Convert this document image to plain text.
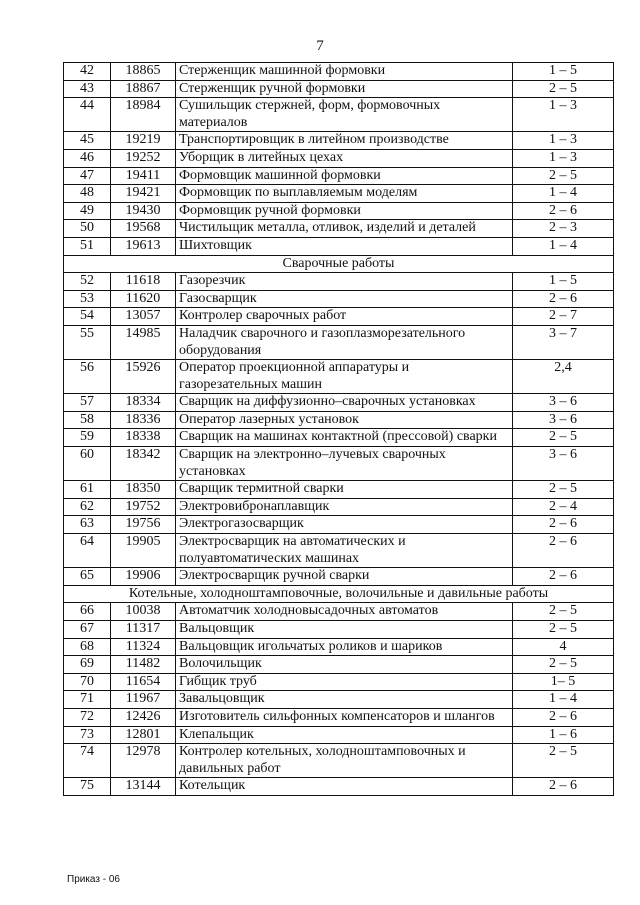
7
42	18865	Стерженщик машинной формовки	1 – 5
43	18867	Стерженщик ручной формовки	2 – 5
44	18984	Сушильщик стержней, форм, формовочных материалов	1 – 3
45	19219	Транспортировщик в литейном производстве	1 – 3
46	19252	Уборщик в литейных цехах	1 – 3
47	19411	Формовщик машинной формовки	2 – 5
48	19421	Формовщик по выплавляемым моделям	1 – 4
49	19430	Формовщик ручной формовки	2 – 6
50	19568	Чистильщик металла, отливок, изделий и деталей	2 – 3
51	19613	Шихтовщик	1 – 4
Сварочные работы			
52	11618	Газорезчик	1 – 5
53	11620	Газосварщик	2 – 6
54	13057	Контролер сварочных работ	2 – 7
55	14985	Наладчик сварочного и газоплазморезательного оборудования	3 – 7
56	15926	Оператор проекционной аппаратуры и газорезательных машин	2,4
57	18334	Сварщик на диффузионно–сварочных установках	3 – 6
58	18336	Оператор лазерных установок	3 – 6
59	18338	Сварщик на машинах контактной (прессовой) сварки	2 – 5
60	18342	Сварщик на электронно–лучевых сварочных установках	3 – 6
61	18350	Сварщик термитной сварки	2 – 5
62	19752	Электровибронаплавщик	2 – 4
63	19756	Электрогазосварщик	2 – 6
64	19905	Электросварщик на автоматических и полуавтоматических машинах	2 – 6
65	19906	Электросварщик ручной сварки	2 – 6
Котельные, холодноштамповочные, волочильные и давильные работы			
66	10038	Автоматчик холодновысадочных автоматов	2 – 5
67	11317	Вальцовщик	2 – 5
68	11324	Вальцовщик игольчатых роликов и шариков	4
69	11482	Волочильщик	2 – 5
70	11654	Гибщик труб	1– 5
71	11967	Завальцовщик	1 – 4
72	12426	Изготовитель сильфонных компенсаторов и шлангов	2 – 6
73	12801	Клепальщик	1 – 6
74	12978	Контролер котельных, холодноштамповочных и давильных работ	2 – 5
75	13144	Котельщик	2 – 6
Приказ - 06
